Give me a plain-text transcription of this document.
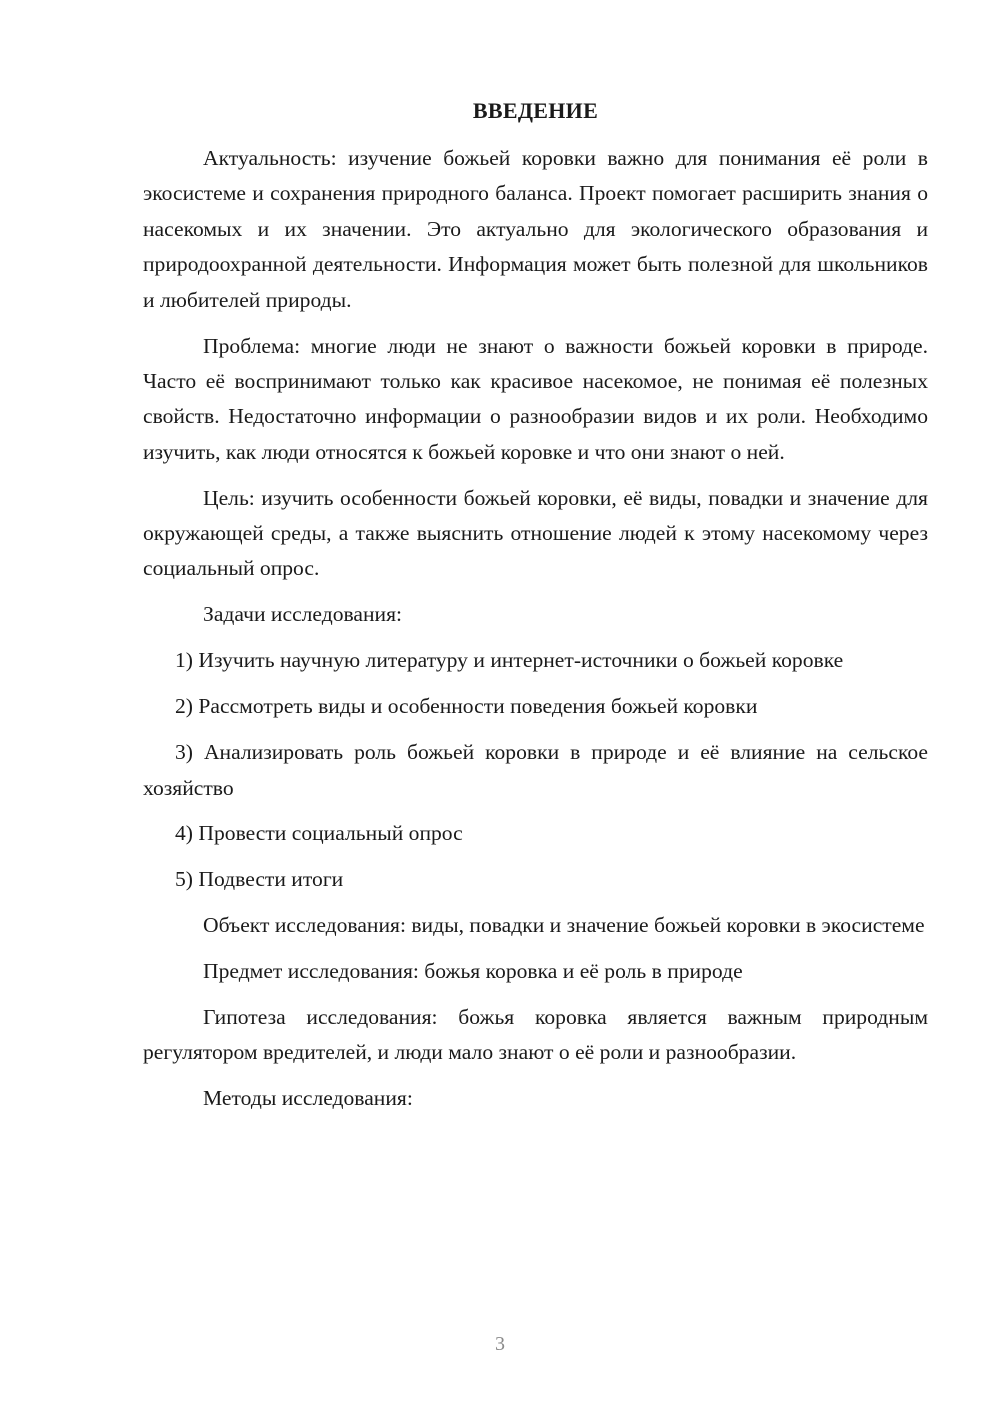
ВВЕДЕНИЕ

Актуальность: изучение божьей коровки важно для понимания её роли в экосистеме и сохранения природного баланса. Проект помогает расширить знания о насекомых и их значении. Это актуально для экологического образования и природоохранной деятельности. Информация может быть полезной для школьников и любителей природы.

Проблема: многие люди не знают о важности божьей коровки в природе. Часто её воспринимают только как красивое насекомое, не понимая её полезных свойств. Недостаточно информации о разнообразии видов и их роли. Необходимо изучить, как люди относятся к божьей коровке и что они знают о ней.

Цель: изучить особенности божьей коровки, её виды, повадки и значение для окружающей среды, а также выяснить отношение людей к этому насекомому через социальный опрос.

Задачи исследования:

1) Изучить научную литературу и интернет-источники о божьей коровке

2) Рассмотреть виды и особенности поведения божьей коровки

3) Анализировать роль божьей коровки в природе и её влияние на сельское хозяйство

4) Провести социальный опрос

5) Подвести итоги

Объект исследования: виды, повадки и значение божьей коровки в экосистеме

Предмет исследования: божья коровка и её роль в природе

Гипотеза исследования: божья коровка является важным природным регулятором вредителей, и люди мало знают о её роли и разнообразии.

Методы исследования:

3
